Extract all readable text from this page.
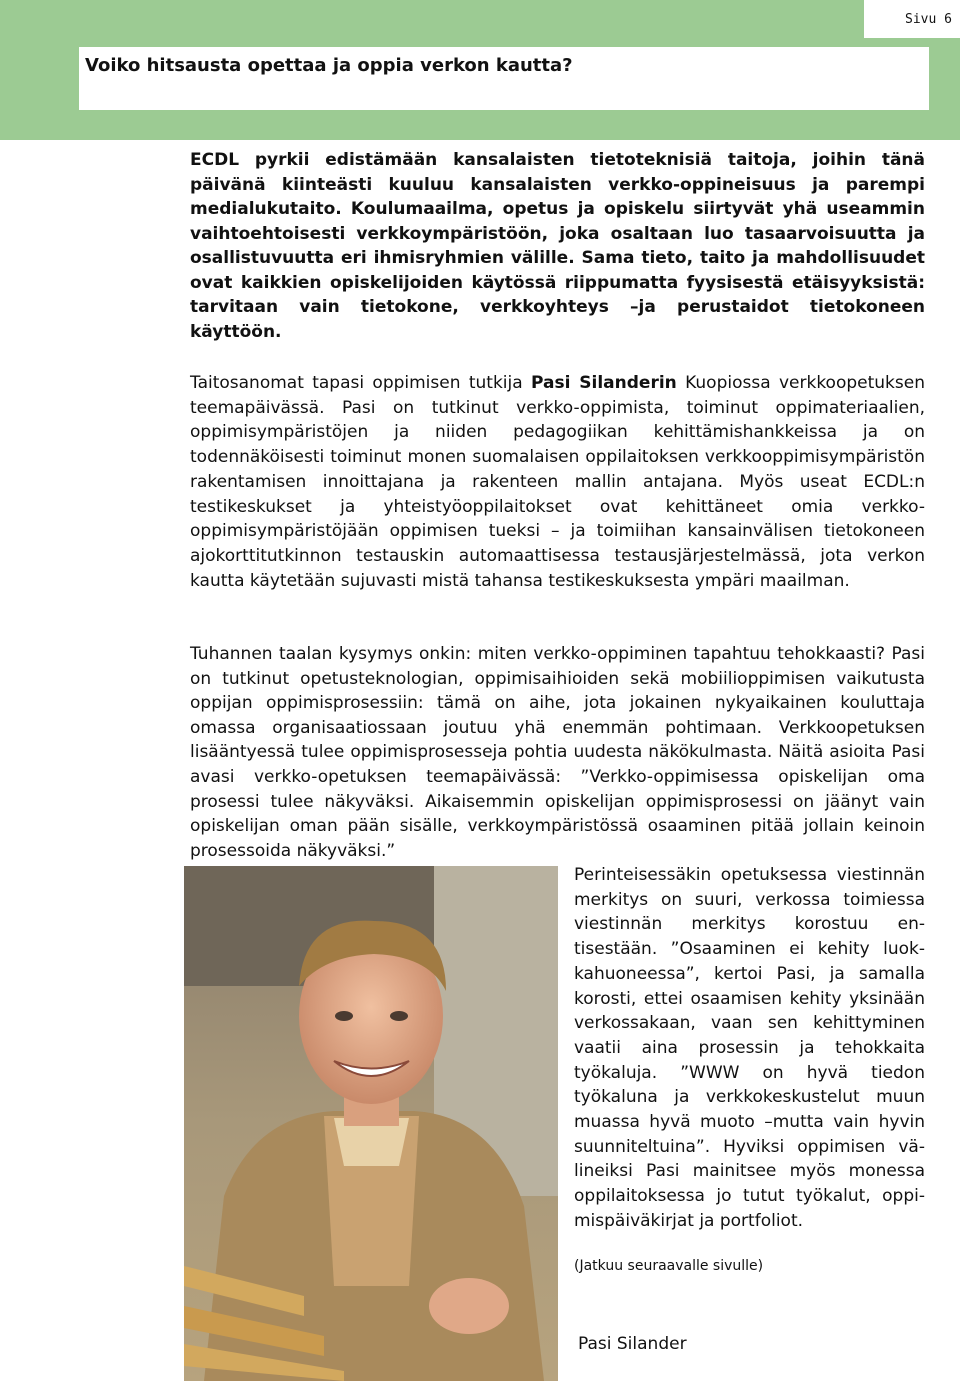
Sivu 6
Voiko hitsausta opettaa ja oppia verkon kautta?
ECDL pyrkii edistämään kansalaisten tietoteknisiä taitoja, joihin tänä päivänä kiinteästi kuuluu kansalaisten verkko-oppineisuus ja parempi medialukutaito. Koulumaailma, opetus ja opiskelu siirtyvät yhä useammin vaihtoehtoisesti verkkoympäristöön, joka osaltaan luo tasaarvoisuutta ja osallistuvuutta eri ihmisryhmien välille. Sama tieto, taito ja mahdollisuudet ovat kaikkien opiskelijoiden käytössä riippumatta fyysisestä etäisyyksistä: tarvitaan vain tietokone, verkkoyhteys –ja perustaidot tietokoneen käyttöön.
Taitosanomat tapasi oppimisen tutkija Pasi Silanderin Kuopiossa verkkoopetuksen teemapäivässä. Pasi on tutkinut verkko-oppimista, toiminut oppimateriaalien, oppimisympäristöjen ja niiden pedagogiikan kehittämishankkeissa ja on todennäköisesti toiminut monen suomalaisen oppilaitoksen verkkooppimisympäristön rakentamisen innoittajana ja rakenteen mallin antajana. Myös useat ECDL:n testikeskukset ja yhteistyöoppilaitokset ovat kehittäneet omia verkko-oppimisympäristöjään oppimisen tueksi – ja toimiihan kansainvälisen tietokoneen ajokorttitutkinnon testauskin automaattisessa testausjärjestelmässä, jota verkon kautta käytetään sujuvasti mistä tahansa testikeskuksesta ympäri maailman.
Tuhannen taalan kysymys onkin: miten verkko-oppiminen tapahtuu tehokkaasti? Pasi on tutkinut opetusteknologian, oppimisaihioiden sekä mobiilioppimisen vaikutusta oppijan oppimisprosessiin: tämä on aihe, jota jokainen nykyaikainen kouluttaja omassa organisaatiossaan joutuu yhä enemmän pohtimaan. Verkkoopetuksen lisääntyessä tulee oppimisprosesseja pohtia uudesta näkökulmasta. Näitä asioita Pasi avasi verkko-opetuksen teemapäivässä: ”Verkko-oppimisessa opiskelijan oma prosessi tulee näkyväksi. Aikaisemmin opiskelijan oppimisprosessi on jäänyt vain opiskelijan oman pään sisälle, verkkoympäristössä osaaminen pitää jollain keinoin prosessoida näkyväksi.”
Perinteisessäkin opetuksessa viestinnän merkitys on suuri, verkossa toimiessa viestinnän merkitys korostuu entisestään. ”Osaaminen ei kehity luokkahuoneessa”, kertoi Pasi, ja samalla korosti, ettei osaamisen kehity yksinään verkossakaan, vaan sen kehittyminen vaatii aina prosessin ja tehokkaita työkaluja. ”WWW on hyvä tiedon työkaluna ja verkkokeskustelut muun muassa hyvä muoto –mutta vain hyvin suunniteltuina”. Hyviksi oppimisen välineiksi Pasi mainitsee myös monessa oppilaitoksessa jo tutut työkalut, oppimispäiväkirjat ja portfoliot.
(Jatkuu seuraavalle sivulle)
Pasi Silander
